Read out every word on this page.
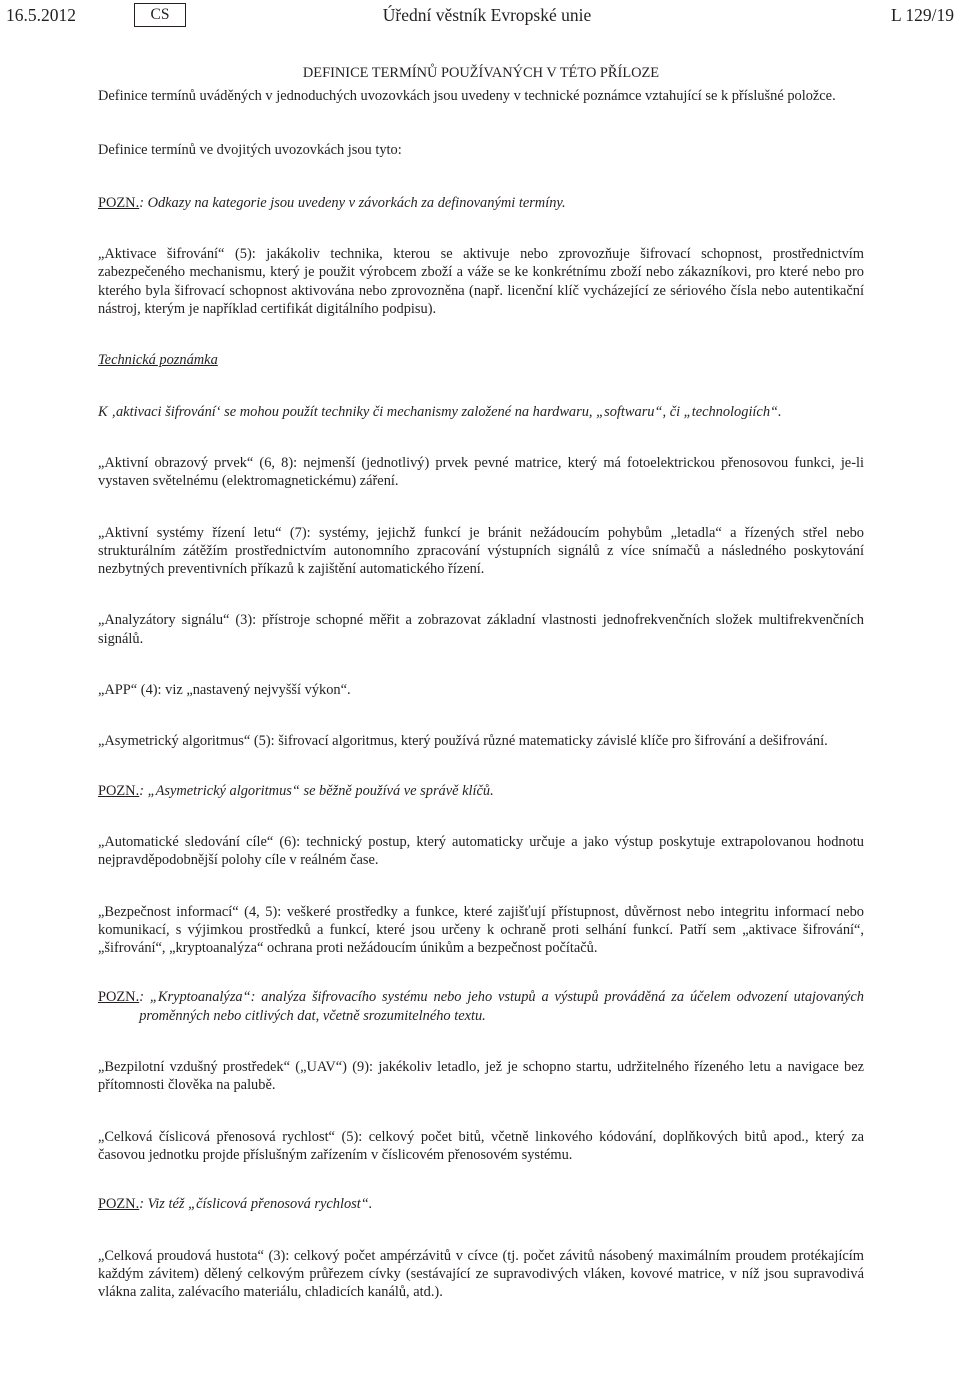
16.5.2012	CS	Úřední věstník Evropské unie	L 129/19
DEFINICE TERMÍNŮ POUŽÍVANÝCH V TÉTO PŘÍLOZE

Definice termínů uváděných v jednoduchých uvozovkách jsou uvedeny v technické poznámce vztahující se k příslušné položce.

Definice termínů ve dvojitých uvozovkách jsou tyto:

POZN.: Odkazy na kategorie jsou uvedeny v závorkách za definovanými termíny.

„Aktivace šifrování“ (5): jakákoliv technika, kterou se aktivuje nebo zprovozňuje šifrovací schopnost, prostřednictvím zabezpečeného mechanismu, který je použit výrobcem zboží a váže se ke konkrétnímu zboží nebo zákazníkovi, pro které nebo pro kterého byla šifrovací schopnost aktivována nebo zprovozněna (např. licenční klíč vycházející ze sériového čísla nebo autentikační nástroj, kterým je například certifikát digitálního podpisu).

Technická poznámka

K ‚aktivaci šifrování‘ se mohou použít techniky či mechanismy založené na hardwaru, „softwaru“, či „technologiích“.

„Aktivní obrazový prvek“ (6, 8): nejmenší (jednotlivý) prvek pevné matrice, který má fotoelektrickou přenosovou funkci, je-li vystaven světelnému (elektromagnetickému) záření.

„Aktivní systémy řízení letu“ (7): systémy, jejichž funkcí je bránit nežádoucím pohybům „letadla“ a řízených střel nebo strukturálním zátěžím prostřednictvím autonomního zpracování výstupních signálů z více snímačů a následného poskytování nezbytných preventivních příkazů k zajištění automatického řízení.

„Analyzátory signálu“ (3): přístroje schopné měřit a zobrazovat základní vlastnosti jednofrekvenčních složek multifrekvenčních signálů.

„APP“ (4): viz „nastavený nejvyšší výkon“.

„Asymetrický algoritmus“ (5): šifrovací algoritmus, který používá různé matematicky závislé klíče pro šifrování a dešifrování.

POZN.: „Asymetrický algoritmus“ se běžně používá ve správě klíčů.

„Automatické sledování cíle“ (6): technický postup, který automaticky určuje a jako výstup poskytuje extrapolovanou hodnotu nejpravděpodobnější polohy cíle v reálném čase.

„Bezpečnost informací“ (4, 5): veškeré prostředky a funkce, které zajišťují přístupnost, důvěrnost nebo integritu informací nebo komunikací, s výjimkou prostředků a funkcí, které jsou určeny k ochraně proti selhání funkcí. Patří sem „aktivace šifrování“, „šifrování“, „kryptoanalýza“ ochrana proti nežádoucím únikům a bezpečnost počítačů.

POZN. : „Kryptoanalýza“: analýza šifrovacího systému nebo jeho vstupů a výstupů prováděná za účelem odvození utajovaných proměnných nebo citlivých dat, včetně srozumitelného textu.

„Bezpilotní vzdušný prostředek“ („UAV“) (9): jakékoliv letadlo, jež je schopno startu, udržitelného řízeného letu a navigace bez přítomnosti člověka na palubě.

„Celková číslicová přenosová rychlost“ (5): celkový počet bitů, včetně linkového kódování, doplňkových bitů apod., který za časovou jednotku projde příslušným zařízením v číslicovém přenosovém systému.

POZN.: Viz též „číslicová přenosová rychlost“.

„Celková proudová hustota“ (3): celkový počet ampérzávitů v cívce (tj. počet závitů násobený maximálním proudem protékajícím každým závitem) dělený celkovým průřezem cívky (sestávající ze supravodivých vláken, kovové matrice, v níž jsou supravodivá vlákna zalita, zalévacího materiálu, chladicích kanálů, atd.).
